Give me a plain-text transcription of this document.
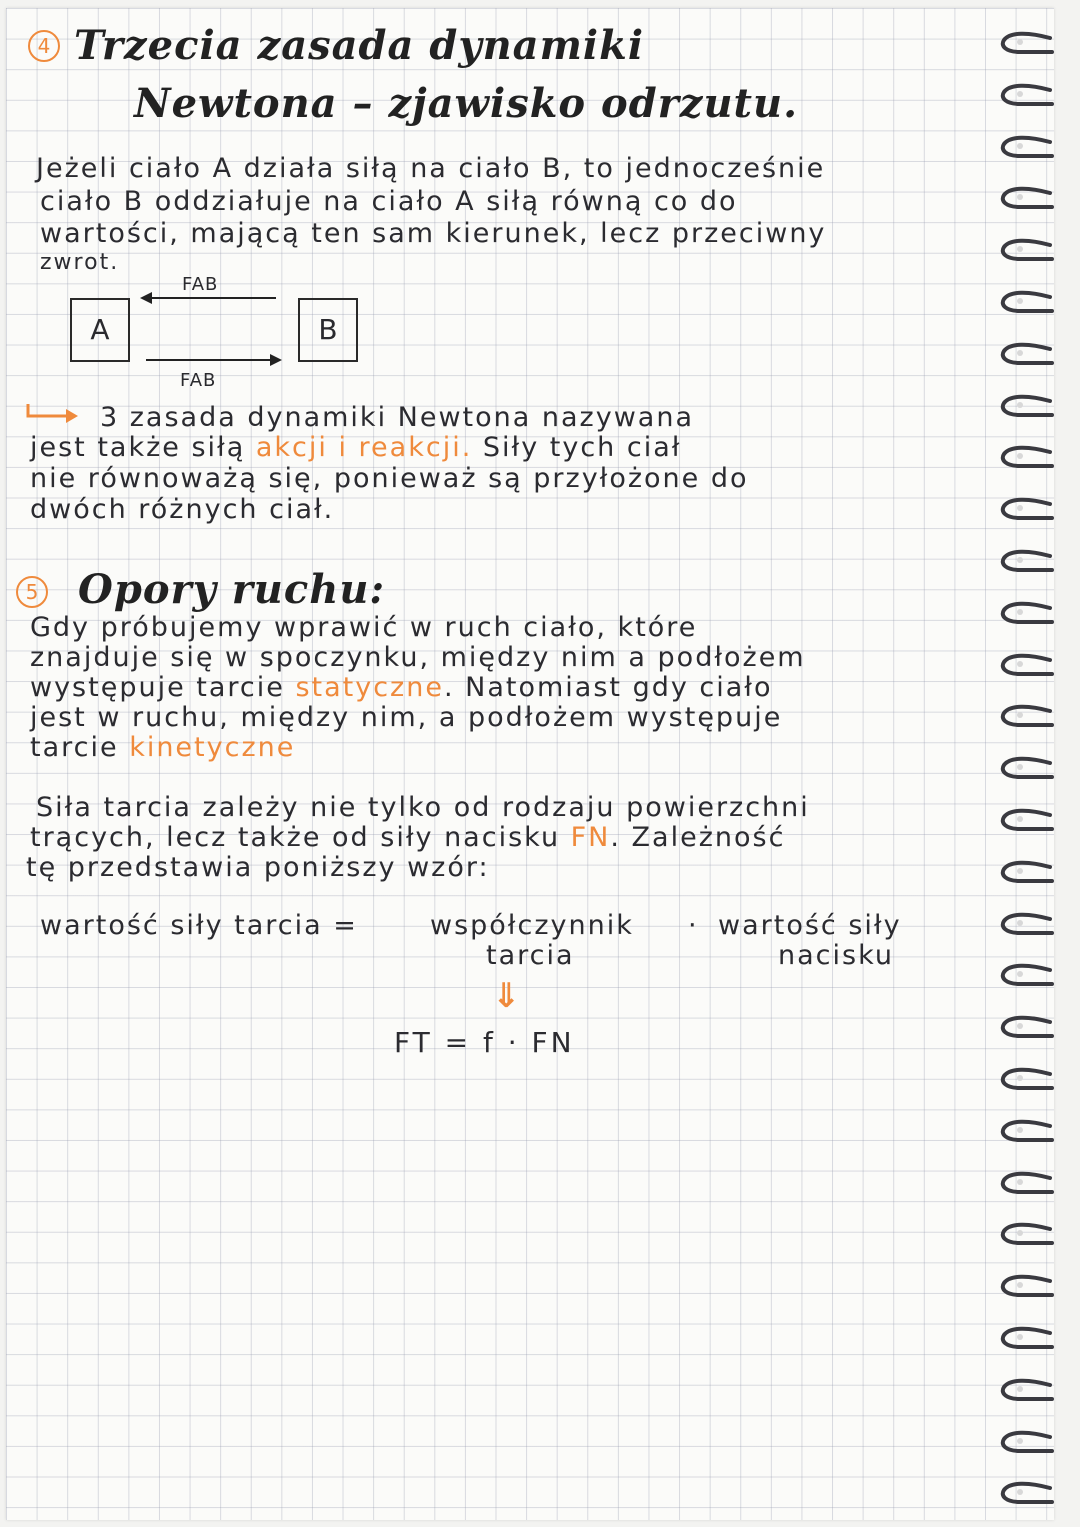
4 Trzecia zasada dynamiki
Newtona – zjawisko odrzutu.
Jeżeli ciało A działa siłą na ciało B, to jednocześnie
ciało B oddziałuje na ciało A siłą równą co do
wartości, mającą ten sam kierunek, lecz przeciwny
zwrot.
A	B
FAB
FAB
3 zasada dynamiki Newtona nazywana
jest także siłą akcji i reakcji. Siły tych ciał
nie równoważą się, ponieważ są przyłożone do
dwóch różnych ciał.
5 Opory ruchu:
Gdy próbujemy wprawić w ruch ciało, które
znajduje się w spoczynku, między nim a podłożem
występuje tarcie statyczne. Natomiast gdy ciało
jest w ruchu, między nim, a podłożem występuje
tarcie kinetyczne
Siła tarcia zależy nie tylko od rodzaju powierzchni
trących, lecz także od siły nacisku FN. Zależność
tę przedstawia poniższy wzór:
wartość siły tarcia =	współczynnik
tarcia
· wartość siły
nacisku
⇓
FT = f · FN
